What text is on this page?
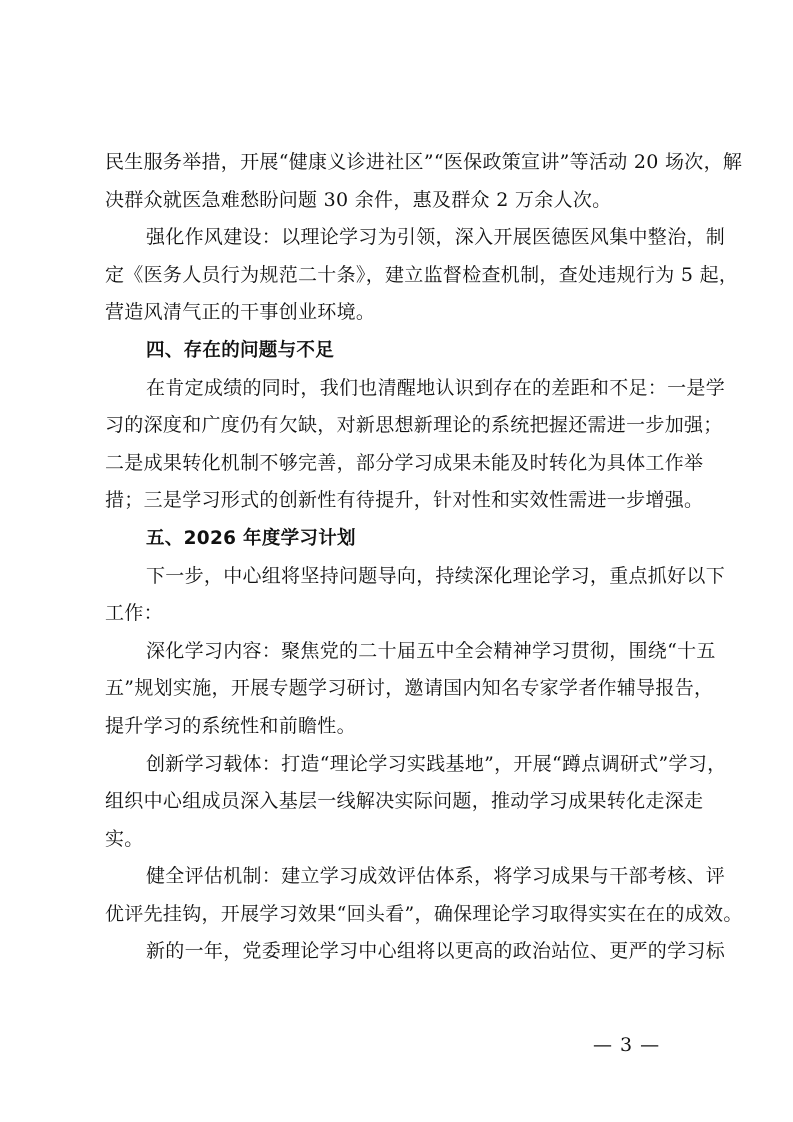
民生服务举措，开展“健康义诊进社区”“医保政策宣讲”等活动 20 场次，解
决群众就医急难愁盼问题 30 余件，惠及群众 2 万余人次。
强化作风建设：以理论学习为引领，深入开展医德医风集中整治，制
定《医务人员行为规范二十条》，建立监督检查机制，查处违规行为 5 起，
营造风清气正的干事创业环境。
四、存在的问题与不足
在肯定成绩的同时，我们也清醒地认识到存在的差距和不足：一是学
习的深度和广度仍有欠缺，对新思想新理论的系统把握还需进一步加强；
二是成果转化机制不够完善，部分学习成果未能及时转化为具体工作举
措；三是学习形式的创新性有待提升，针对性和实效性需进一步增强。
五、2026 年度学习计划
下一步，中心组将坚持问题导向，持续深化理论学习，重点抓好以下
工作：
深化学习内容：聚焦党的二十届五中全会精神学习贯彻，围绕“十五
五”规划实施，开展专题学习研讨，邀请国内知名专家学者作辅导报告，
提升学习的系统性和前瞻性。
创新学习载体：打造“理论学习实践基地”，开展“蹲点调研式”学习，
组织中心组成员深入基层一线解决实际问题，推动学习成果转化走深走
实。
健全评估机制：建立学习成效评估体系，将学习成果与干部考核、评
优评先挂钩，开展学习效果“回头看”，确保理论学习取得实实在在的成效。
新的一年，党委理论学习中心组将以更高的政治站位、更严的学习标
— 3 —
